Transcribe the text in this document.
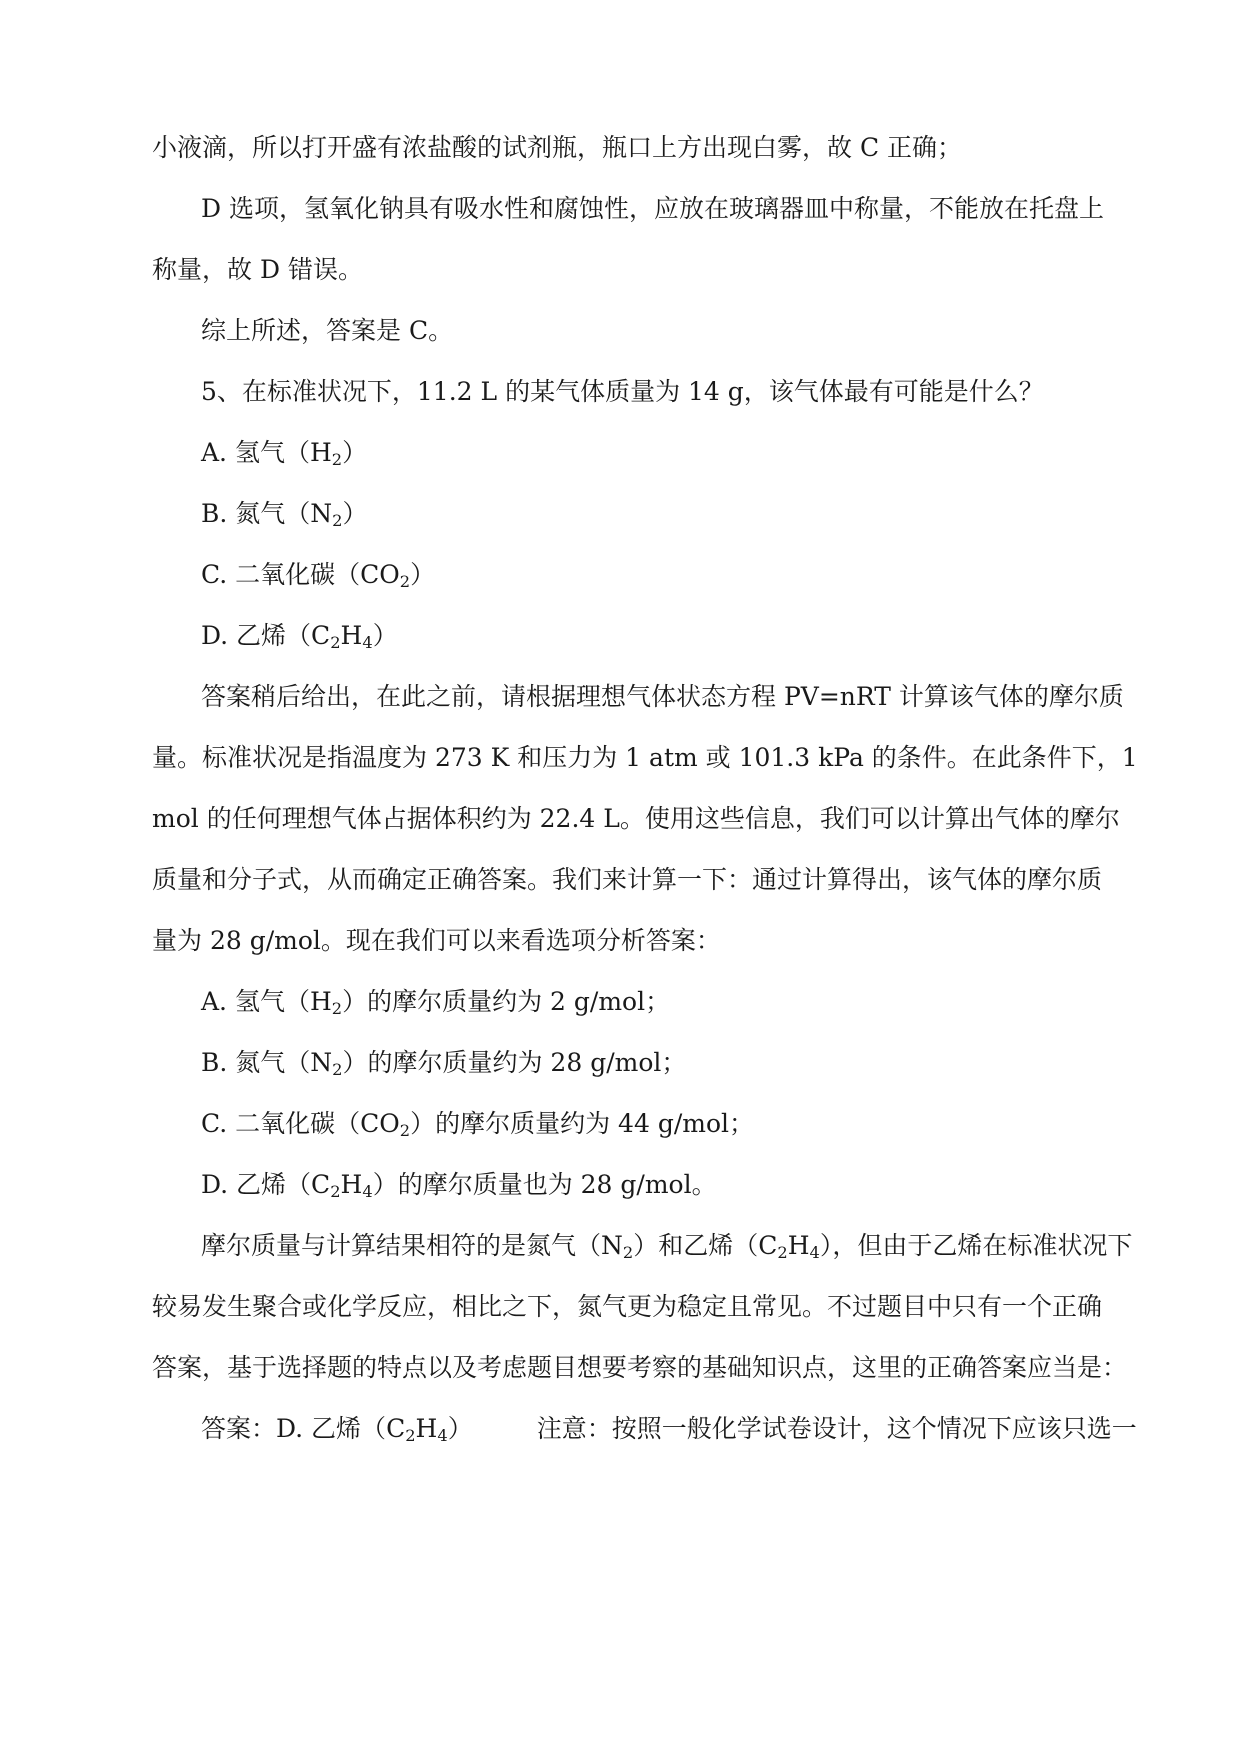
小液滴，所以打开盛有浓盐酸的试剂瓶，瓶口上方出现白雾，故 C 正确；
D 选项，氢氧化钠具有吸水性和腐蚀性，应放在玻璃器皿中称量，不能放在托盘上
称量，故 D 错误。
综上所述，答案是 C。
5、在标准状况下，11.2 L 的某气体质量为 14 g，该气体最有可能是什么？
A. 氢气$(H_2)$
B. 氮气$(N_2)$
C. 二氧化碳$(CO_2)$
D. 乙烯$(C_2H_4)$
答案稍后给出，在此之前，请根据理想气体状态方程 PV=nRT 计算该气体的摩尔质
量。标准状况是指温度为 273 K 和压力为 1 atm 或 101.3 kPa 的条件。在此条件下，1
mol 的任何理想气体占据体积约为 22.4 L。使用这些信息，我们可以计算出气体的摩尔
质量和分子式，从而确定正确答案。我们来计算一下：通过计算得出，该气体的摩尔质
量为 28 g/mol。现在我们可以来看选项分析答案：
A. 氢气$(H_2)$的摩尔质量约为 2 g/mol；
B. 氮气$(N_2)$的摩尔质量约为 28 g/mol；
C. 二氧化碳$(CO_2)$的摩尔质量约为 44 g/mol；
D. 乙烯$(C_2H_4)$的摩尔质量也为 28 g/mol。
摩尔质量与计算结果相符的是氮气$(N_2)$和乙烯$(C_2H_4)$，但由于乙烯在标准状况下
较易发生聚合或化学反应，相比之下，氮气更为稳定且常见。不过题目中只有一个正确
答案，基于选择题的特点以及考虑题目想要考察的基础知识点，这里的正确答案应当是：
答案：D. 乙烯$(C_2H_4)$	注意：按照一般化学试卷设计，这个情况下应该只选一
